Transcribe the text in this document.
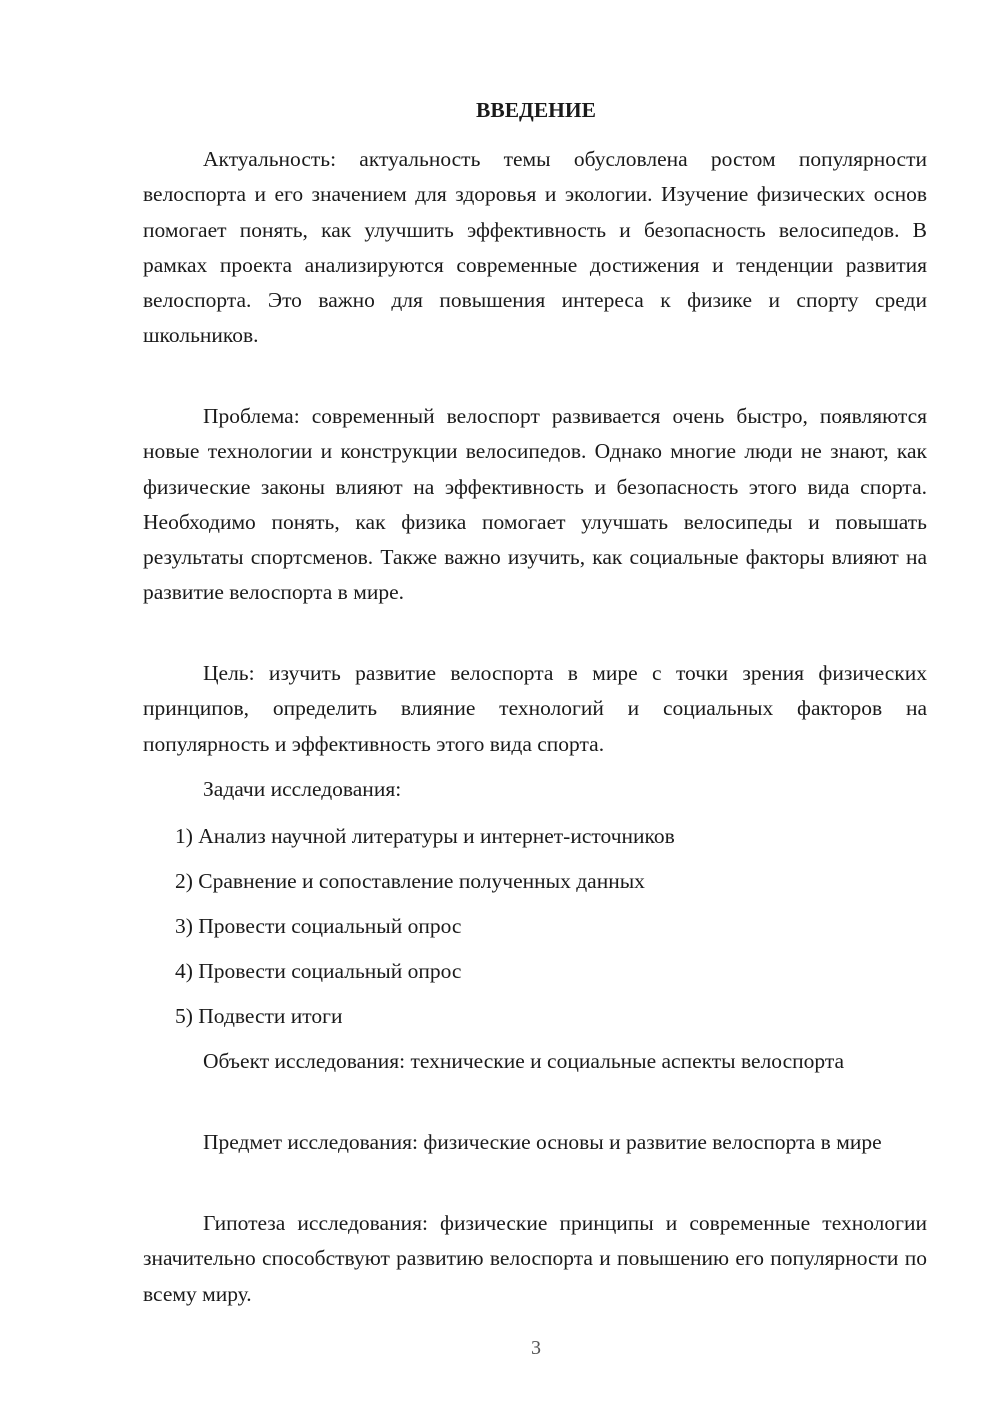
ВВЕДЕНИЕ

Актуальность: актуальность темы обусловлена ростом популярности велоспорта и его значением для здоровья и экологии. Изучение физических основ помогает понять, как улучшить эффективность и безопасность велосипедов. В рамках проекта анализируются современные достижения и тенденции развития велоспорта. Это важно для повышения интереса к физике и спорту среди школьников.

Проблема: современный велоспорт развивается очень быстро, появляются новые технологии и конструкции велосипедов. Однако многие люди не знают, как физические законы влияют на эффективность и безопасность этого вида спорта. Необходимо понять, как физика помогает улучшать велосипеды и повышать результаты спортсменов. Также важно изучить, как социальные факторы влияют на развитие велоспорта в мире.

Цель: изучить развитие велоспорта в мире с точки зрения физических принципов, определить влияние технологий и социальных факторов на популярность и эффективность этого вида спорта.

Задачи исследования:

1) Анализ научной литературы и интернет-источников

2) Сравнение и сопоставление полученных данных

3) Провести социальный опрос

4) Провести социальный опрос

5) Подвести итоги

Объект исследования: технические и социальные аспекты велоспорта

Предмет исследования: физические основы и развитие велоспорта в мире

Гипотеза исследования: физические принципы и современные технологии значительно способствуют развитию велоспорта и повышению его популярности по всему миру.

3
